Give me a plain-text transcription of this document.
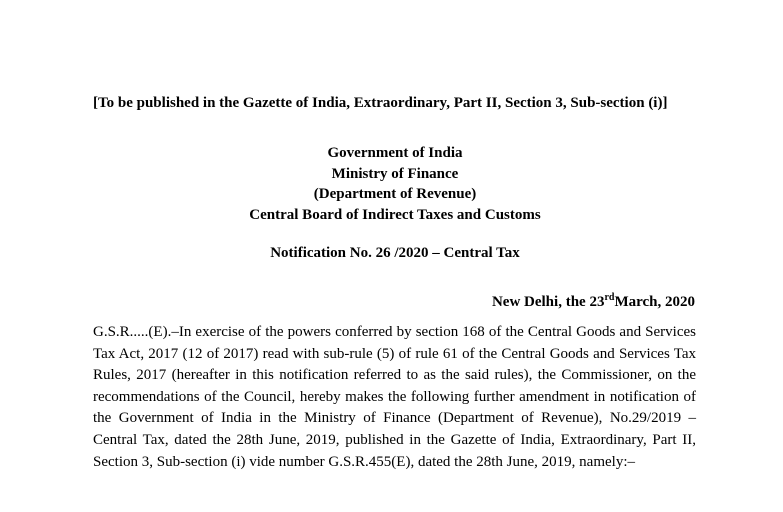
[To be published in the Gazette of India, Extraordinary, Part II, Section 3, Sub-section (i)]
Government of India
Ministry of Finance
(Department of Revenue)
Central Board of Indirect Taxes and Customs
Notification No. 26 /2020 – Central Tax
New Delhi, the 23rdMarch, 2020
G.S.R.....(E).–In exercise of the powers conferred by section 168 of the Central Goods and Services Tax Act, 2017 (12 of 2017) read with sub-rule (5) of rule 61 of the Central Goods and Services Tax Rules, 2017 (hereafter in this notification referred to as the said rules), the Commissioner, on the recommendations of the Council, hereby makes the following further amendment in notification of the Government of India in the Ministry of Finance (Department of Revenue), No.29/2019 – Central Tax, dated the 28th June, 2019, published in the Gazette of India, Extraordinary, Part II, Section 3, Sub-section (i) vide number G.S.R.455(E), dated the 28th June, 2019, namely:–
